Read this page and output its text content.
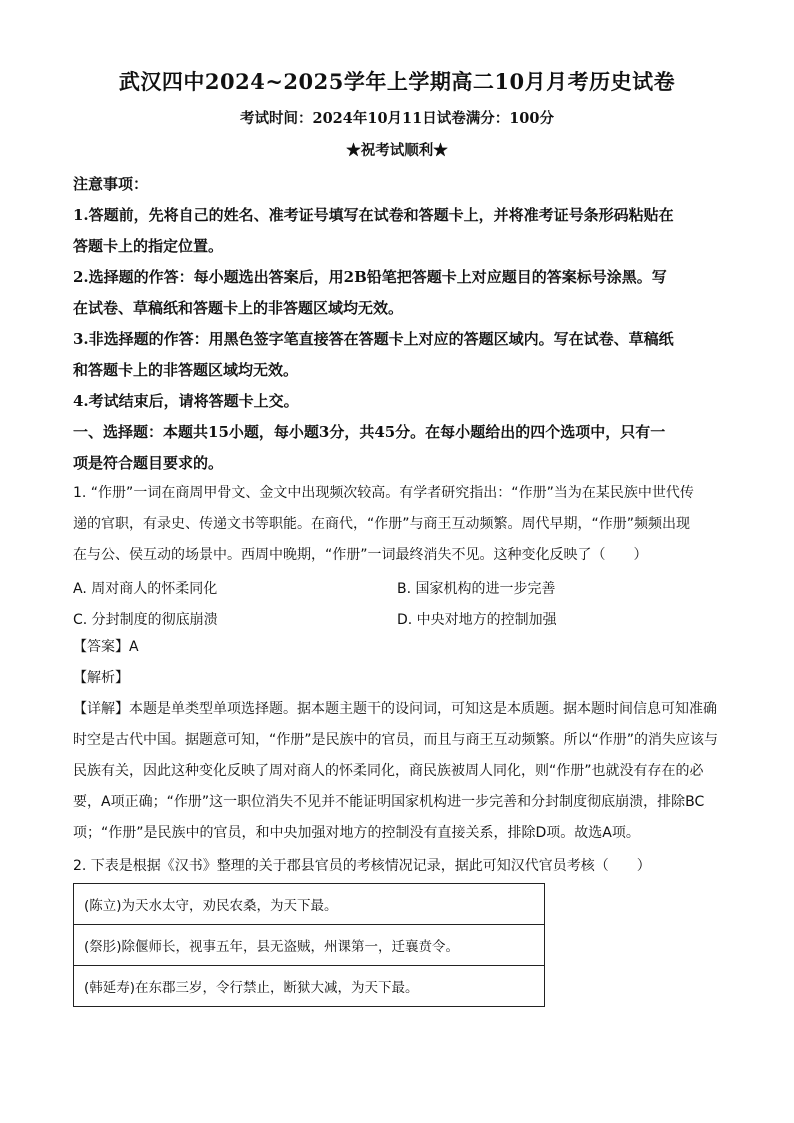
武汉四中2024~2025学年上学期高二10月月考历史试卷
考试时间：2024年10月11日试卷满分：100分
★祝考试顺利★
注意事项：
1.答题前，先将自己的姓名、准考证号填写在试卷和答题卡上，并将准考证号条形码粘贴在
答题卡上的指定位置。
2.选择题的作答：每小题选出答案后，用2B铅笔把答题卡上对应题目的答案标号涂黑。写
在试卷、草稿纸和答题卡上的非答题区域均无效。
3.非选择题的作答：用黑色签字笔直接答在答题卡上对应的答题区域内。写在试卷、草稿纸
和答题卡上的非答题区域均无效。
4.考试结束后，请将答题卡上交。
一、选择题：本题共15小题，每小题3分，共45分。在每小题给出的四个选项中，只有一
项是符合题目要求的。
1. “作册”一词在商周甲骨文、金文中出现频次较高。有学者研究指出：“作册”当为在某民族中世代传
递的官职，有录史、传递文书等职能。在商代，“作册”与商王互动频繁。周代早期，“作册”频频出现
在与公、侯互动的场景中。西周中晚期，“作册”一词最终消失不见。这种变化反映了（　　）
A. 周对商人的怀柔同化	B. 国家机构的进一步完善
C. 分封制度的彻底崩溃	D. 中央对地方的控制加强
【答案】A
【解析】
【详解】本题是单类型单项选择题。据本题主题干的设问词，可知这是本质题。据本题时间信息可知准确
时空是古代中国。据题意可知，“作册”是民族中的官员，而且与商王互动频繁。所以“作册”的消失应该与
民族有关，因此这种变化反映了周对商人的怀柔同化，商民族被周人同化，则“作册”也就没有存在的必
要，A项正确；“作册”这一职位消失不见并不能证明国家机构进一步完善和分封制度彻底崩溃，排除BC
项；“作册”是民族中的官员，和中央加强对地方的控制没有直接关系，排除D项。故选A项。
2. 下表是根据《汉书》整理的关于郡县官员的考核情况记录，据此可知汉代官员考核（　　）
(陈立)为天水太守，劝民农桑，为天下最。
(祭肜)除偃师长，视事五年，县无盗贼，州课第一，迁襄贲令。
(韩延寿)在东郡三岁，令行禁止，断狱大减，为天下最。
